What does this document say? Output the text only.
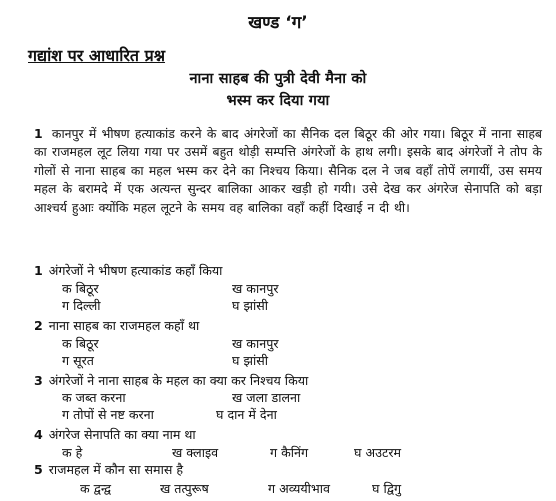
खण्ड ‘ग’
गद्यांश पर आधारित प्रश्न
नाना साहब की पुत्री देवी मैना को
भस्म कर दिया गया

1 कानपुर में भीषण हत्याकांड करने के बाद अंगरेजों का सैनिक दल बिठूर की ओर गया। बिठूर में नाना साहब का राजमहल लूट लिया गया पर उसमें बहुत थोड़ी सम्पत्ति अंगरेजों के हाथ लगी। इसके बाद अंगरेजों ने तोप के गोलों से नाना साहब का महल भस्म कर देने का निश्चय किया। सैनिक दल ने जब वहाँ तोपें लगायीं, उस समय महल के बरामदे में एक अत्यन्त सुन्दर बालिका आकर खड़ी हो गयी। उसे देख कर अंगरेज सेनापति को बड़ा आश्चर्य हुआः क्योंकि महल लूटने के समय वह बालिका वहाँ कहीं दिखाई न दी थी।

1 अंगरेजों ने भीषण हत्याकांड कहाँ किया
क बिठूर	ख कानपुर
ग दिल्ली	घ झांसी
2 नाना साहब का राजमहल कहाँ था
क बिठूर	ख कानपुर
ग सूरत	घ झांसी
3 अंगरेजों ने नाना साहब के महल का क्या कर निश्चय किया
क जब्त करना	ख जला डालना
ग तोपों से नष्ट करना	घ दान में देना
4 अंगरेज सेनापति का क्या नाम था
क हे	ख क्लाइव	ग कैनिंग	घ अउटरम
5 राजमहल में कौन सा समास है
क द्वन्द्व	ख तत्पुरूष	ग अव्ययीभाव	घ द्विगु
